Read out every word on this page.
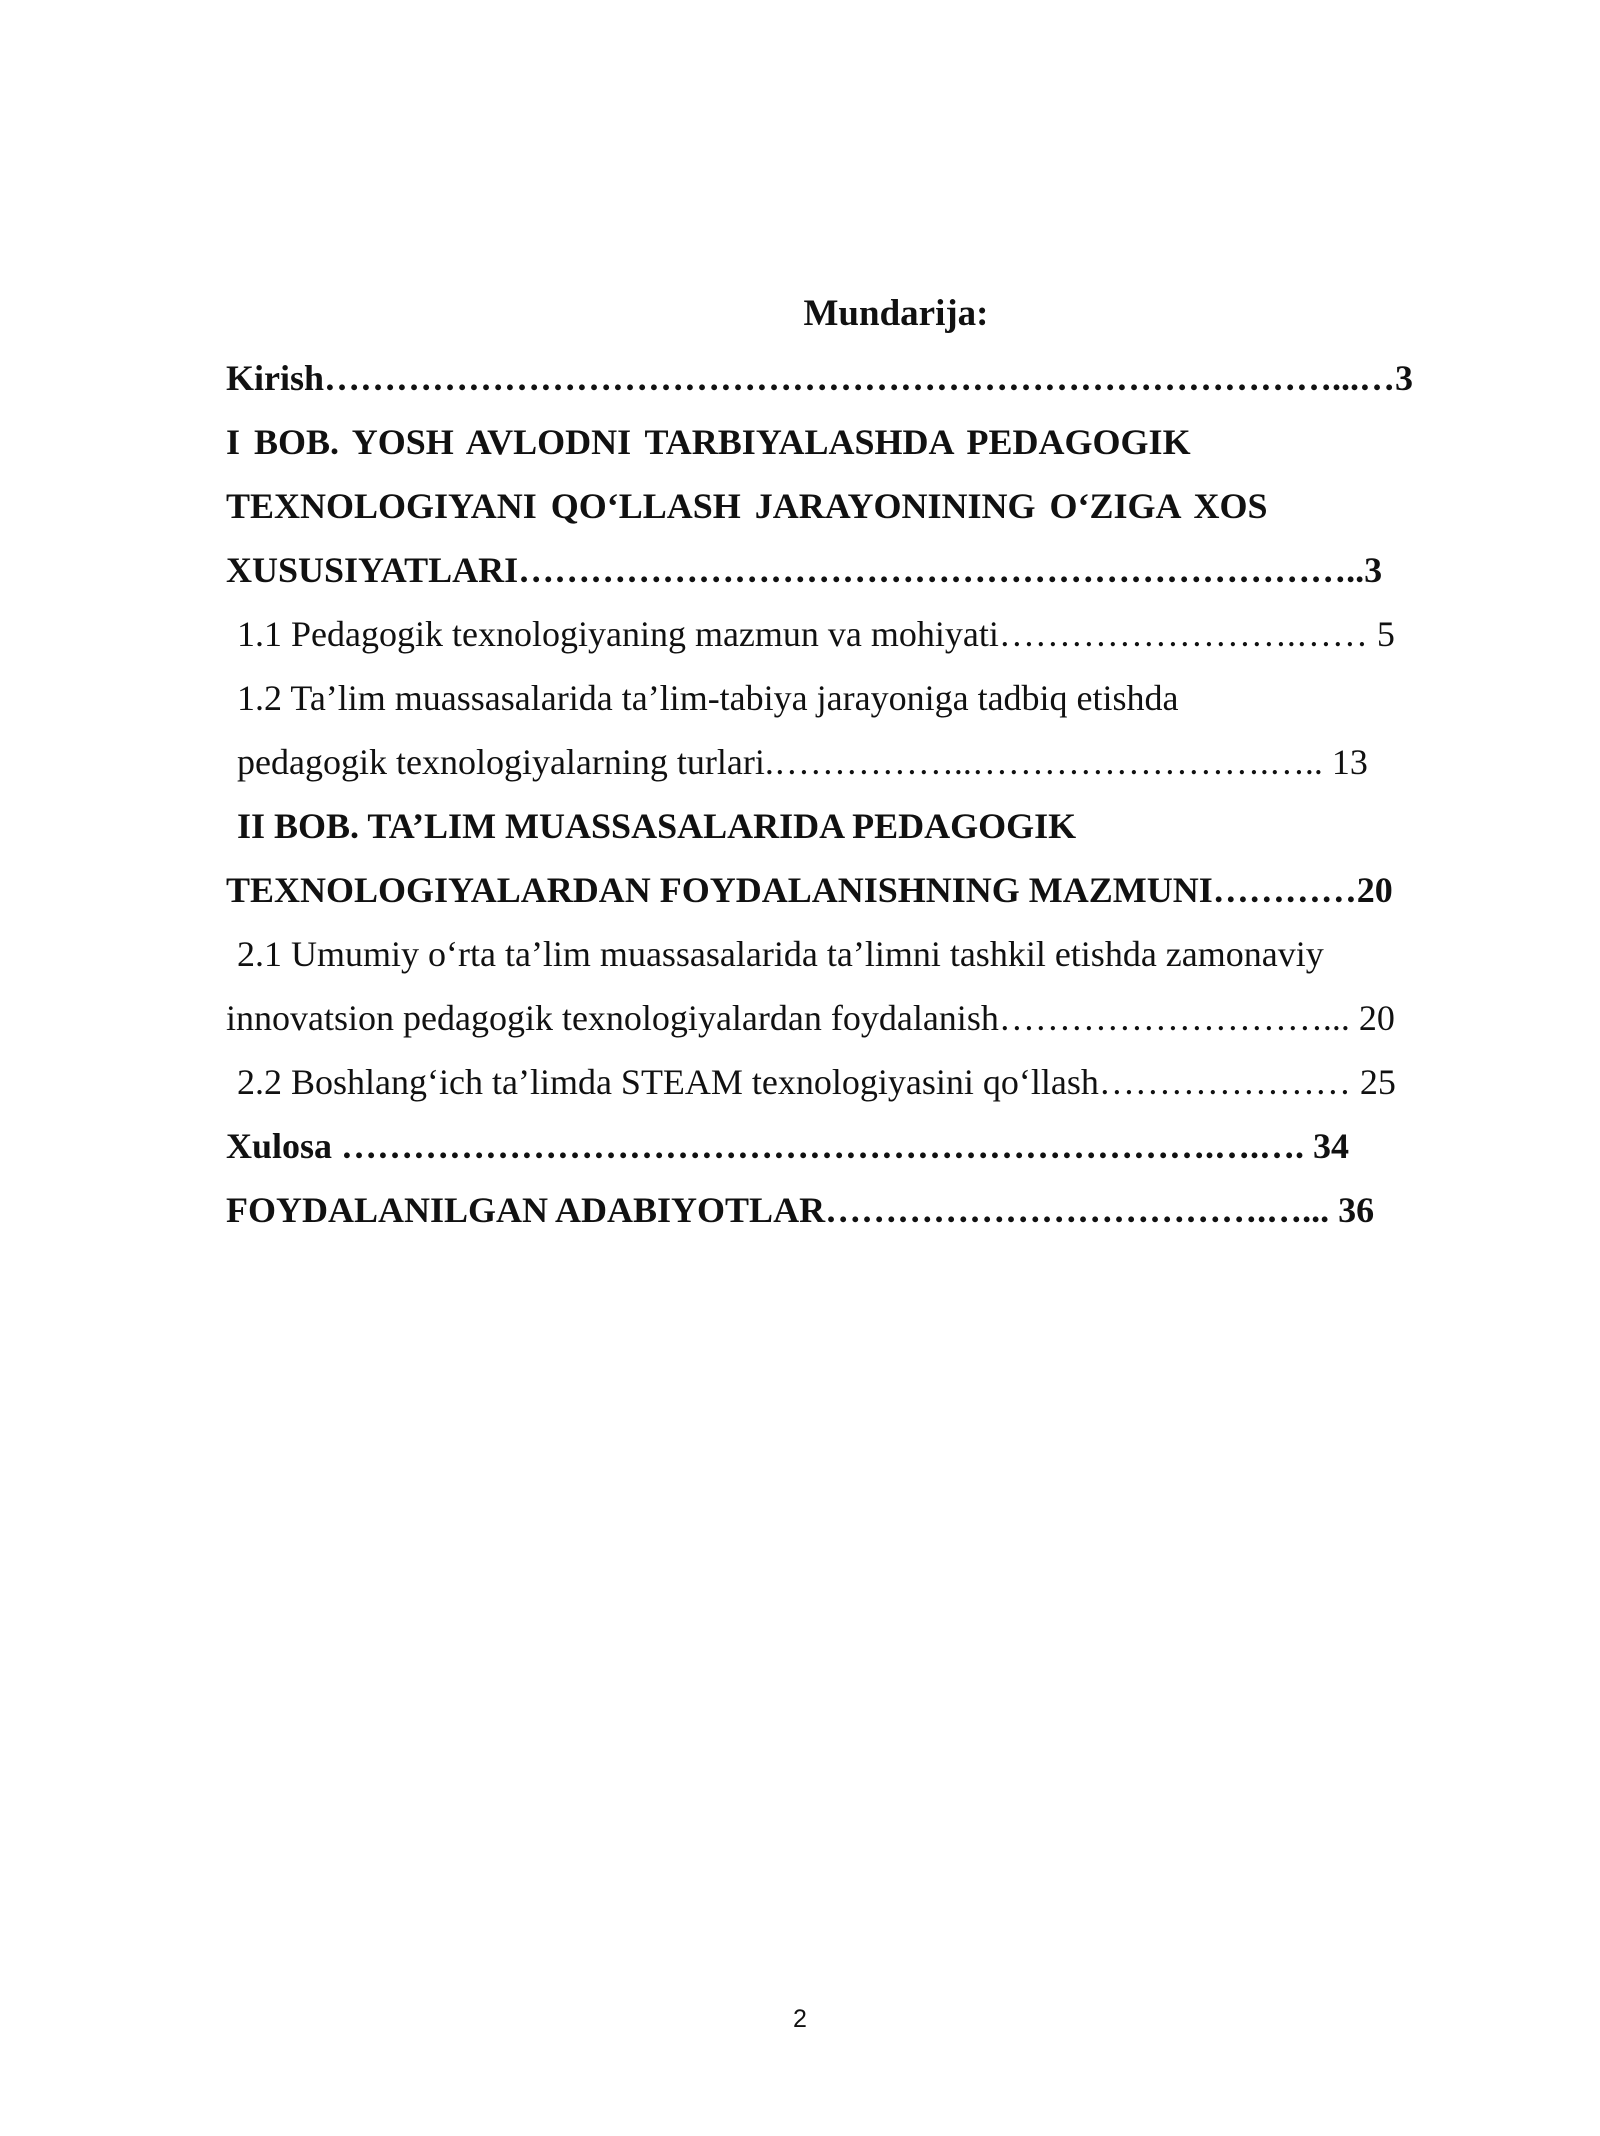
Mundarija:
Kirish…………………………………………………………………………...…3
I BOB. YOSH AVLODNI TARBIYALASHDA PEDAGOGIK
TEXNOLOGIYANI QO‘LLASH JARAYONINING O‘ZIGA XOS
XUSUSIYATLARI……………………………………………………………..3
1.1 Pedagogik texnologiyaning mazmun va mohiyati…………………….…… 5
1.2 Ta’lim muassasalarida ta’lim-tabiya jarayoniga tadbiq etishda
pedagogik texnologiyalarning turlari.……………..…………………….….. 13
II BOB. TA’LIM MUASSASALARIDA PEDAGOGIK
TEXNOLOGIYALARDAN FOYDALANISHNING MAZMUNI…………20
2.1 Umumiy o‘rta ta’lim muassasalarida ta’limni tashkil etishda zamonaviy
innovatsion pedagogik texnologiyalardan foydalanish………………………... 20
2.2 Boshlang‘ich ta’limda STEAM texnologiyasini qo‘llash………………… 25
Xulosa ……………………………………………………………….….…. 34
FOYDALANILGAN ADABIYOTLAR……………………………….…... 36
2
